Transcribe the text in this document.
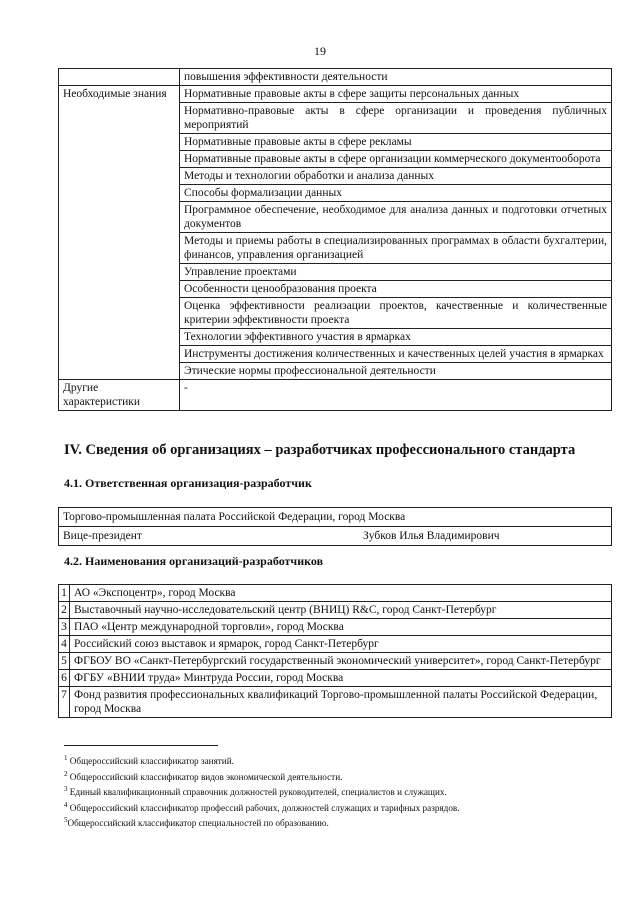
19
	повышения эффективности деятельности
Необходимые знания	Нормативные правовые акты в сфере защиты персональных данных
	Нормативно-правовые акты в сфере организации и проведения публичных мероприятий
	Нормативные правовые акты в сфере рекламы
	Нормативные правовые акты в сфере организации коммерческого документооборота
	Методы и технологии обработки и анализа данных
	Способы формализации данных
	Программное обеспечение, необходимое для анализа данных и подготовки отчетных документов
	Методы и приемы работы в специализированных программах в области бухгалтерии, финансов, управления организацией
	Управление проектами
	Особенности ценообразования проекта
	Оценка эффективности реализации проектов, качественные и количественные критерии эффективности проекта
	Технологии эффективного участия в ярмарках
	Инструменты достижения количественных и качественных целей участия в ярмарках
	Этические нормы профессиональной деятельности
Другие характеристики	-
IV. Сведения об организациях – разработчиках профессионального стандарта
4.1. Ответственная организация-разработчик
Торгово-промышленная палата Российской Федерации, город Москва

Вице-президент	Зубков Илья Владимирович
4.2. Наименования организаций-разработчиков
1	АО «Экспоцентр», город Москва
2	Выставочный научно-исследовательский центр (ВНИЦ) R&C, город Санкт-Петербург
3	ПАО «Центр международной торговли», город Москва
4	Российский союз выставок и ярмарок, город Санкт-Петербург
5	ФГБОУ ВО «Санкт-Петербургский государственный экономический университет», город Санкт-Петербург
6	ФГБУ «ВНИИ труда» Минтруда России, город Москва
7	Фонд развития профессиональных квалификаций Торгово-промышленной палаты Российской Федерации, город Москва
$^1$ Общероссийский классификатор занятий.
$^2$ Общероссийский классификатор видов экономической деятельности.
$^3$ Единый квалификационный справочник должностей руководителей, специалистов и служащих.
$^4$ Общероссийский классификатор профессий рабочих, должностей служащих и тарифных разрядов.
$^5$Общероссийский классификатор специальностей по образованию.
